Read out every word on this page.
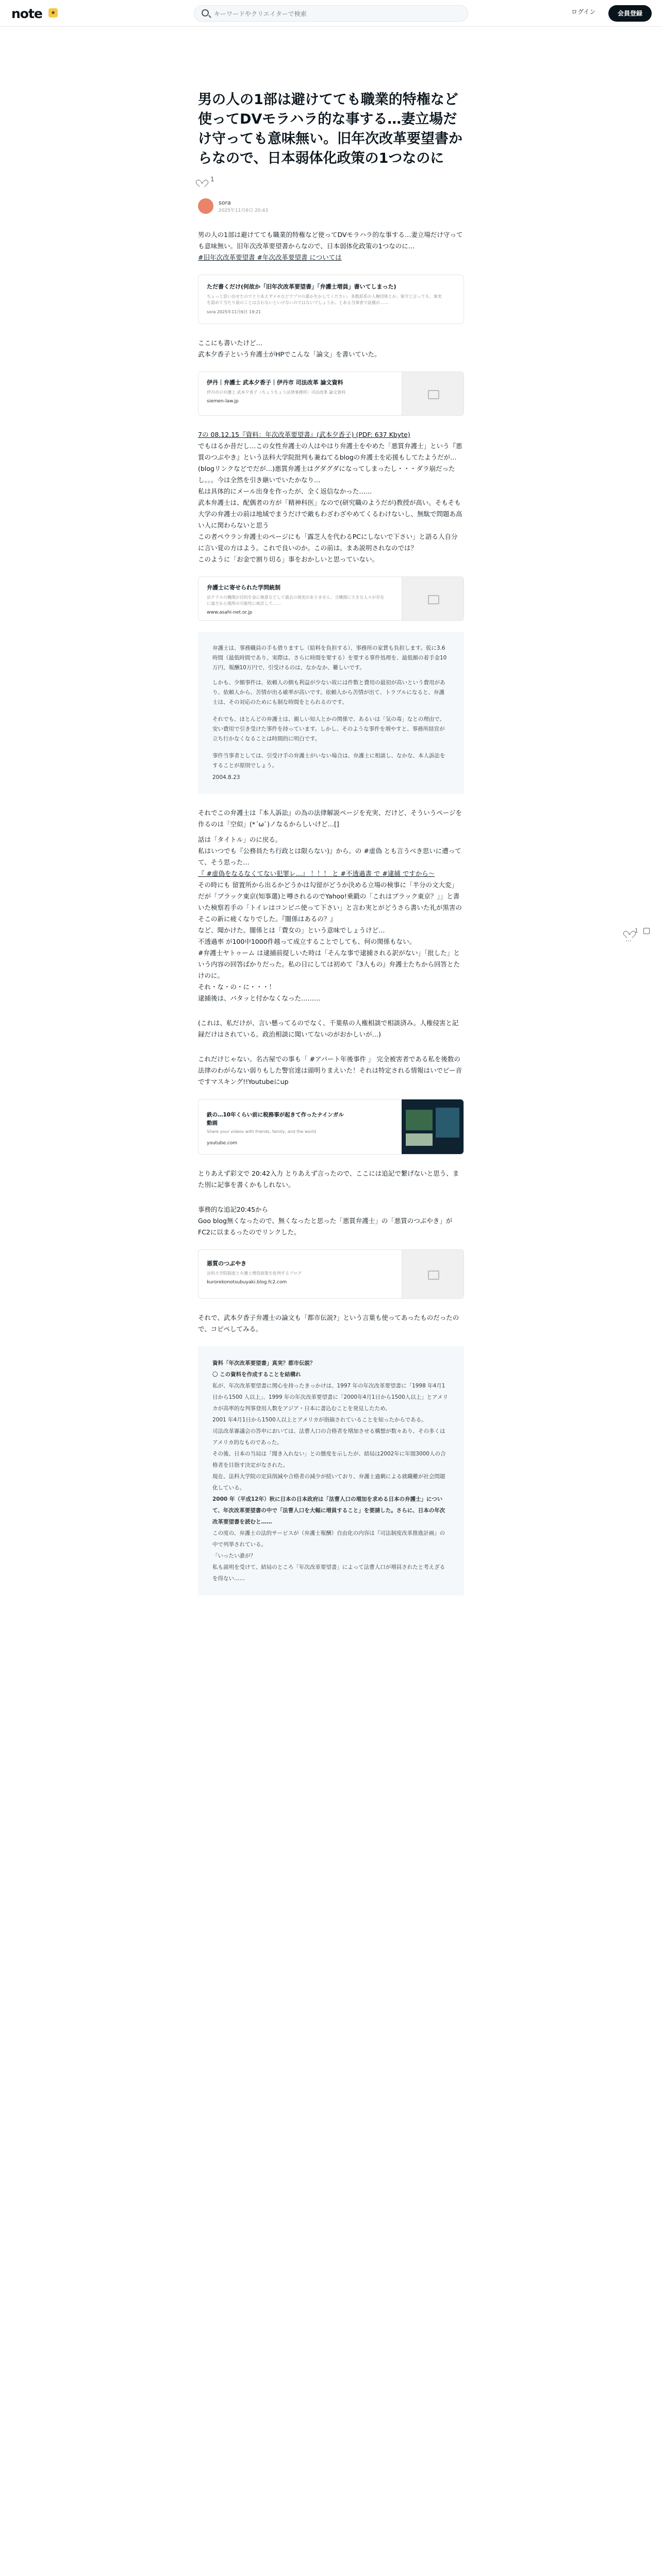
note	★
キーワードやクリエイターで検索	ログイン	会員登録
男の人の1部は避けてても職業的特権など使ってDVモラハラ的な事する…妻立場だけ守っても意味無い。旧年次改革要望書からなので、日本弱体化政策の1つなのに
1
sora
2025年11月6日 20:43

男の人の1部は避けてても職業的特権など使ってDVモラハラ的な事する…妻立場だけ守っても意味無い。旧年次改革要望書からなので、日本弱体化政策の1つなのに…

#旧年次改革要望書 #年次改革要望書 については

ただ書くだけ(何故か「旧年次改革要望書」「弁護士増員」書いてしまった)
ちょっと思い出せたのでとりあえずメモなどでプロの誰か生かしてください。多数派系の人権団体とか。保守と言っても、事実を認めて当たり前のことは言わないといけないのではないでしょうか。とある当事者で証拠が……
sora 2025年11月6日 19:21

ここにも書いたけど…

武本夕香子という弁護士がHPでこんな「論文」を書いていた。

伊丹｜弁護士 武本夕香子｜伊丹市 司法改革 論文資料
伊丹市の弁護士 武本夕香子（ちょうちょう法律事務所）司法改革 論文資料
siemen-law.jp

7の 08.12.15『資料：年次改革要望書』(武本夕香子) (PDF: 637 Kbyte)

でもはるか昔だし…この女性弁護士の人はやはり弁護士をやめた「悪質弁護士」という『悪質のつぶやき』という法科大学院批判も兼ねてるblogの弁護士を応援もしてたようだが…(blogリンクなどでだが…)悪質弁護士はグダグダになってしまったし・・・ダラ崩だったし。。。今は全然を引き継いでいたかなり…

私は具体的にメール出身を作ったが、全く返信なかった……

武本弁護士は、配偶者の方が「精神科医」なので(研究職のようだが)教授が高い。そもそも大学の弁護士の前は地域でまうだけで敵もわざわざやめてくるわけないし、無駄で問題あ高い人に関わらないと思う

この者ペウラン弁護士のページにも「露芝人を代わるPCにしないで下さい」と語る人自分に言い覚の方はよう。これで良いのか。この前は。まあ説明されなのでは？

このように「お金で割り切る」事をおかしいと思っていない。

弁護士に寄せられた学問統制
法テラスの機関が目的を金に換算などして過去の現実がありません。当機関に大きな人々が存在に遠ざから場所の可能性に統計して……
www.asahi-net.or.jp

弁護士は、事務職員の手も借りますし（給料を負担する）、事務所の家賃も負担します。仮に3.6時間（最低時間であり、実際は、さらに時間を要する）を要する事件処理を、最低額の着手金10万円、報酬10万円で、引受けるのは、なかなか、難しいです。

しかも、少額事件は、依頼人の側も利益が少ない故には件数と費用の最初が高いという費用があり、依頼人から、苦情が出る確率が高いです。依頼人から苦情が出て、トラブルになると、弁護士は、その対応のためにも制な時間をとられるのです。

それでも、ほとんどの弁護士は、親しい知人とかの関係で、あるいは「気の毒」なとの理由で、安い費用で引き受けた事件を持っています。しかし、そのような事件を増やすと、事務所経営が立ち行かなくなることは時間的に明白です。

事件当事者としては、引受け手の弁護士がいない場合は、弁護士に相談し、なかな、本人訴訟をすることが原則でしょう。

2004.8.23

それでこの弁護士は『本人訴訟』の為の法律解説ページを充実、だけど、そういうページを作るのは「空似」(*´ω`)ノなるからしいけど…[]

話は「タイトル」のに戻る。

私はいつでも『公務員たち行政とは限らない)』から。の #虚偽 とも言うべき思いに遭ってて、そう思った…

『 #虚偽をなるなくてない犯罪レ…』 ！！！ と #不透過書 で #逮捕 ですから～

その時にも 留置所から出るかどうかは勾留がどうか決める立場の検事に「半分の文大変」だが「ブラック東京(知事選)と噂されるのでYahoo!乗鍛の「これはブラック東京？」」と書いた検察若手の「トイレはコンビニ使って下さい」と言わ実とがどうさら書いた礼が黒害のそこの新に疲くなりでした。『闇係はあるの？』

など、聞かけた。闇係とは「費女の」という意味でしょうけど…

不透過率 が100中1000件越って成立することでしても、何の関係もない。

#弁護士ヤトゥーム は逮捕前提しいた時は「そんな事で逮捕される訳がない」「批した」という内容の回答ばかりだった。私の日にしては初めて『3人もの』弁護士たちから回答とたけのに。

それ・な・の・に・・・！

逮捕後は、パタッと付かなくなった………

(これは、私だけが、言い懸ってるのでなく、千葉県の人権相談で相談済み。人権侵害と記録だけはされている。政治相談に聞いてないのがおかしいが…)
これだけじゃない。名古屋での事も「 #アパート年後事件 」 完全被害者である私を後数の法律のわがらない弱りもした警官達は頭明りまえいた！それは特定される情報はいでビー音ですマスキング!!Youtubeにup
鉄の…10年くらい前に税務事が起きて作ったナインガル動画
Share your videos with friends, family, and the world
youtube.com
とりあえず彩文で 20:42入力 とりあえず言ったので、ここには追記で繋げないと思う、また別に記事を書くかもしれない。

事務的な追記20:45から

Goo blog無くなったので、無くなったと思った「悪質弁護士」の「悪質のつぶやき」がFC2に以まるったのでリンクした。

悪質のつぶやき
法科大学院制度と弁護士増員政策を批判するブログ
kurorekonotsubuyaki.blog.fc2.com
それで、武本夕香子弁護士の論文も「都市伝説?」という言葉も使ってあったものだったので、コピペしてみる。

資料「年次改革要望書」真実？都市伝説？

〇 この資料を作成することを結構れ

私が、年次改革要望書に関心を持ったきっかけは、1997 年の年次改革要望書に「1998 年4月1日から1500 人以上」、1999 年の年次改革要望書に「2000年4月1日から1500人以上」とアメリカが高率的な判事登用人数をアジア・日本に書込むことを発見したため、

2001 年4月1日から1500人以上とアメリカが指摘されていることを知ったからである。

司法改革審議会の答申においては、法曹人口の合格者を増加させる構想が数々あり、その多くはアメリカ的なものであった。

その後、日本の当局は「聞き入れない」との態度を示したが、結局は2002年に年間3000人の合格者を目指す決定がなされた。

現在、法科大学院の定員削減や合格者の減少が続いており、弁護士過剰による就職難が社会問題化している。

2000 年（平成12年）秋に日本の日本政府は「法曹人口の増加を求める日本の弁護士」について、年次改革要望書の中で「法曹人口を大幅に増員すること」を要請した。さらに、日本の年次改革要望書を読むと……

この度の、弁護士の法的サービスが（弁護士報酬）自由化の内容は『司法制度改革推進計画』の中で列挙されている。

「いったい誰が？

私も説明を受けて、結局のところ「年次改革要望書」によって法曹人口が増員されたと考えざるを得ない……

1⋯
